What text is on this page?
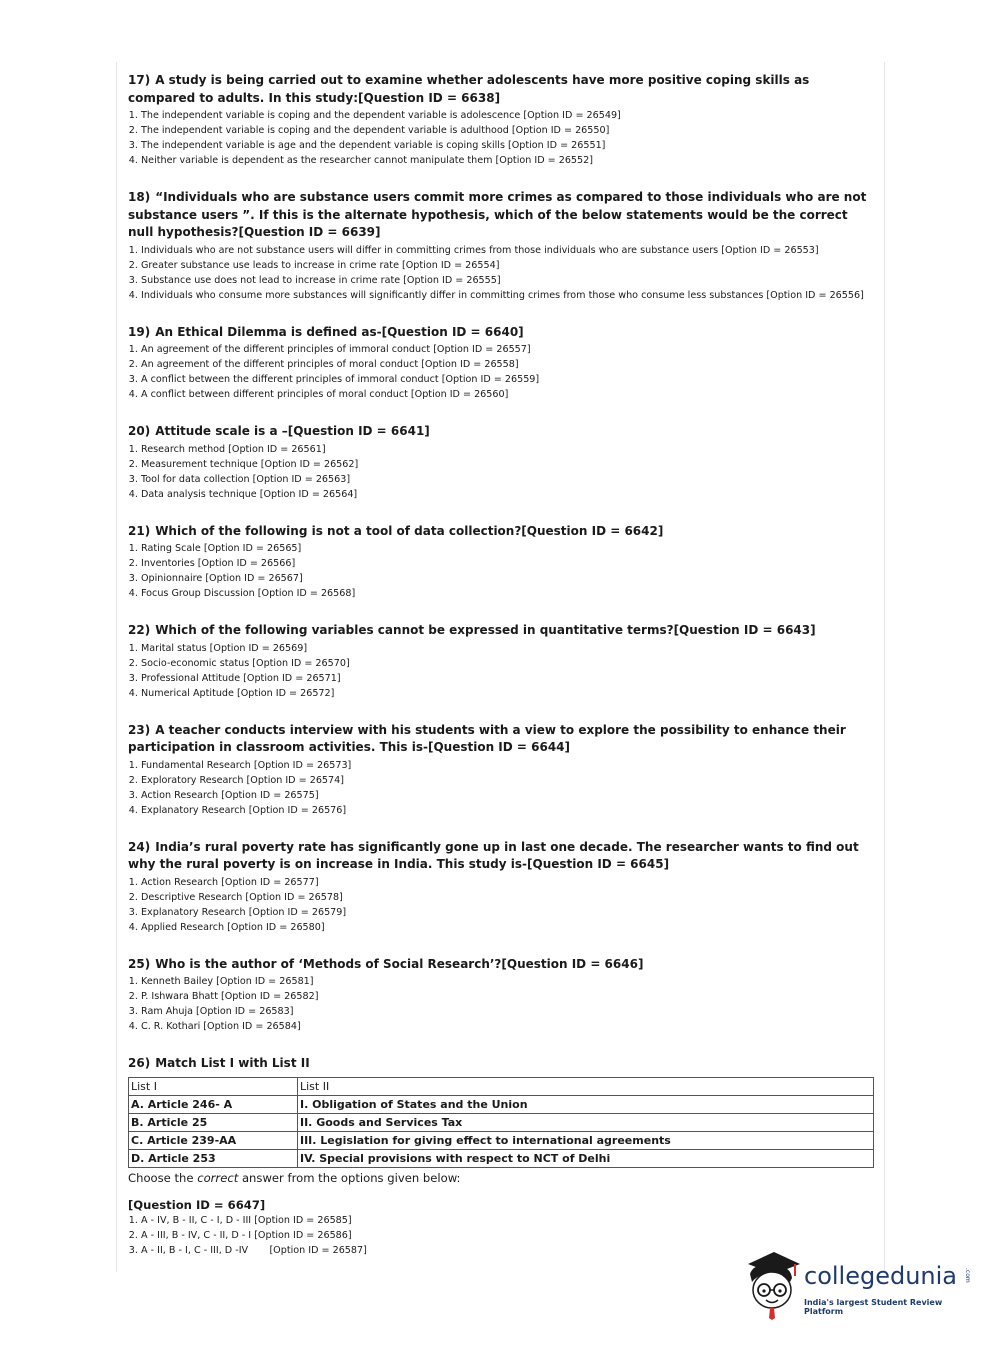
17) A study is being carried out to examine whether adolescents have more positive coping skills as compared to adults. In this study:[Question ID = 6638]
1. The independent variable is coping and the dependent variable is adolescence [Option ID = 26549]
2. The independent variable is coping and the dependent variable is adulthood [Option ID = 26550]
3. The independent variable is age and the dependent variable is coping skills [Option ID = 26551]
4. Neither variable is dependent as the researcher cannot manipulate them [Option ID = 26552]
18) “Individuals who are substance users commit more crimes as compared to those individuals who are not substance users ”. If this is the alternate hypothesis, which of the below statements would be the correct null hypothesis?[Question ID = 6639]
1. Individuals who are not substance users will differ in committing crimes from those individuals who are substance users [Option ID = 26553]
2. Greater substance use leads to increase in crime rate [Option ID = 26554]
3. Substance use does not lead to increase in crime rate [Option ID = 26555]
4. Individuals who consume more substances will significantly differ in committing crimes from those who consume less substances [Option ID = 26556]
19) An Ethical Dilemma is defined as-[Question ID = 6640]
1. An agreement of the different principles of immoral conduct [Option ID = 26557]
2. An agreement of the different principles of moral conduct [Option ID = 26558]
3. A conflict between the different principles of immoral conduct [Option ID = 26559]
4. A conflict between different principles of moral conduct [Option ID = 26560]
20) Attitude scale is a –[Question ID = 6641]
1. Research method [Option ID = 26561]
2. Measurement technique [Option ID = 26562]
3. Tool for data collection [Option ID = 26563]
4. Data analysis technique [Option ID = 26564]
21) Which of the following is not a tool of data collection?[Question ID = 6642]
1. Rating Scale [Option ID = 26565]
2. Inventories [Option ID = 26566]
3. Opinionnaire [Option ID = 26567]
4. Focus Group Discussion [Option ID = 26568]
22) Which of the following variables cannot be expressed in quantitative terms?[Question ID = 6643]
1. Marital status [Option ID = 26569]
2. Socio-economic status [Option ID = 26570]
3. Professional Attitude [Option ID = 26571]
4. Numerical Aptitude [Option ID = 26572]
23) A teacher conducts interview with his students with a view to explore the possibility to enhance their participation in classroom activities. This is-[Question ID = 6644]
1. Fundamental Research [Option ID = 26573]
2. Exploratory Research [Option ID = 26574]
3. Action Research [Option ID = 26575]
4. Explanatory Research [Option ID = 26576]
24) India’s rural poverty rate has significantly gone up in last one decade. The researcher wants to find out why the rural poverty is on increase in India. This study is-[Question ID = 6645]
1. Action Research [Option ID = 26577]
2. Descriptive Research [Option ID = 26578]
3. Explanatory Research [Option ID = 26579]
4. Applied Research [Option ID = 26580]
25) Who is the author of ‘Methods of Social Research’?[Question ID = 6646]
1. Kenneth Bailey [Option ID = 26581]
2. P. Ishwara Bhatt [Option ID = 26582]
3. Ram Ahuja [Option ID = 26583]
4. C. R. Kothari [Option ID = 26584]
26) Match List I with List II
List I	List II
A. Article 246- A	I. Obligation of States and the Union
B. Article 25	II. Goods and Services Tax
C. Article 239-AA	III. Legislation for giving effect to international agreements
D. Article 253	IV. Special provisions with respect to NCT of Delhi
Choose the correct answer from the options given below:
[Question ID = 6647]
1. A - IV, B - II, C - I, D - III [Option ID = 26585]
2. A - III, B - IV, C - II, D - I [Option ID = 26586]
3. A - II, B - I, C - III, D -IV       [Option ID = 26587]
collegedunia .com
India's largest Student Review Platform
